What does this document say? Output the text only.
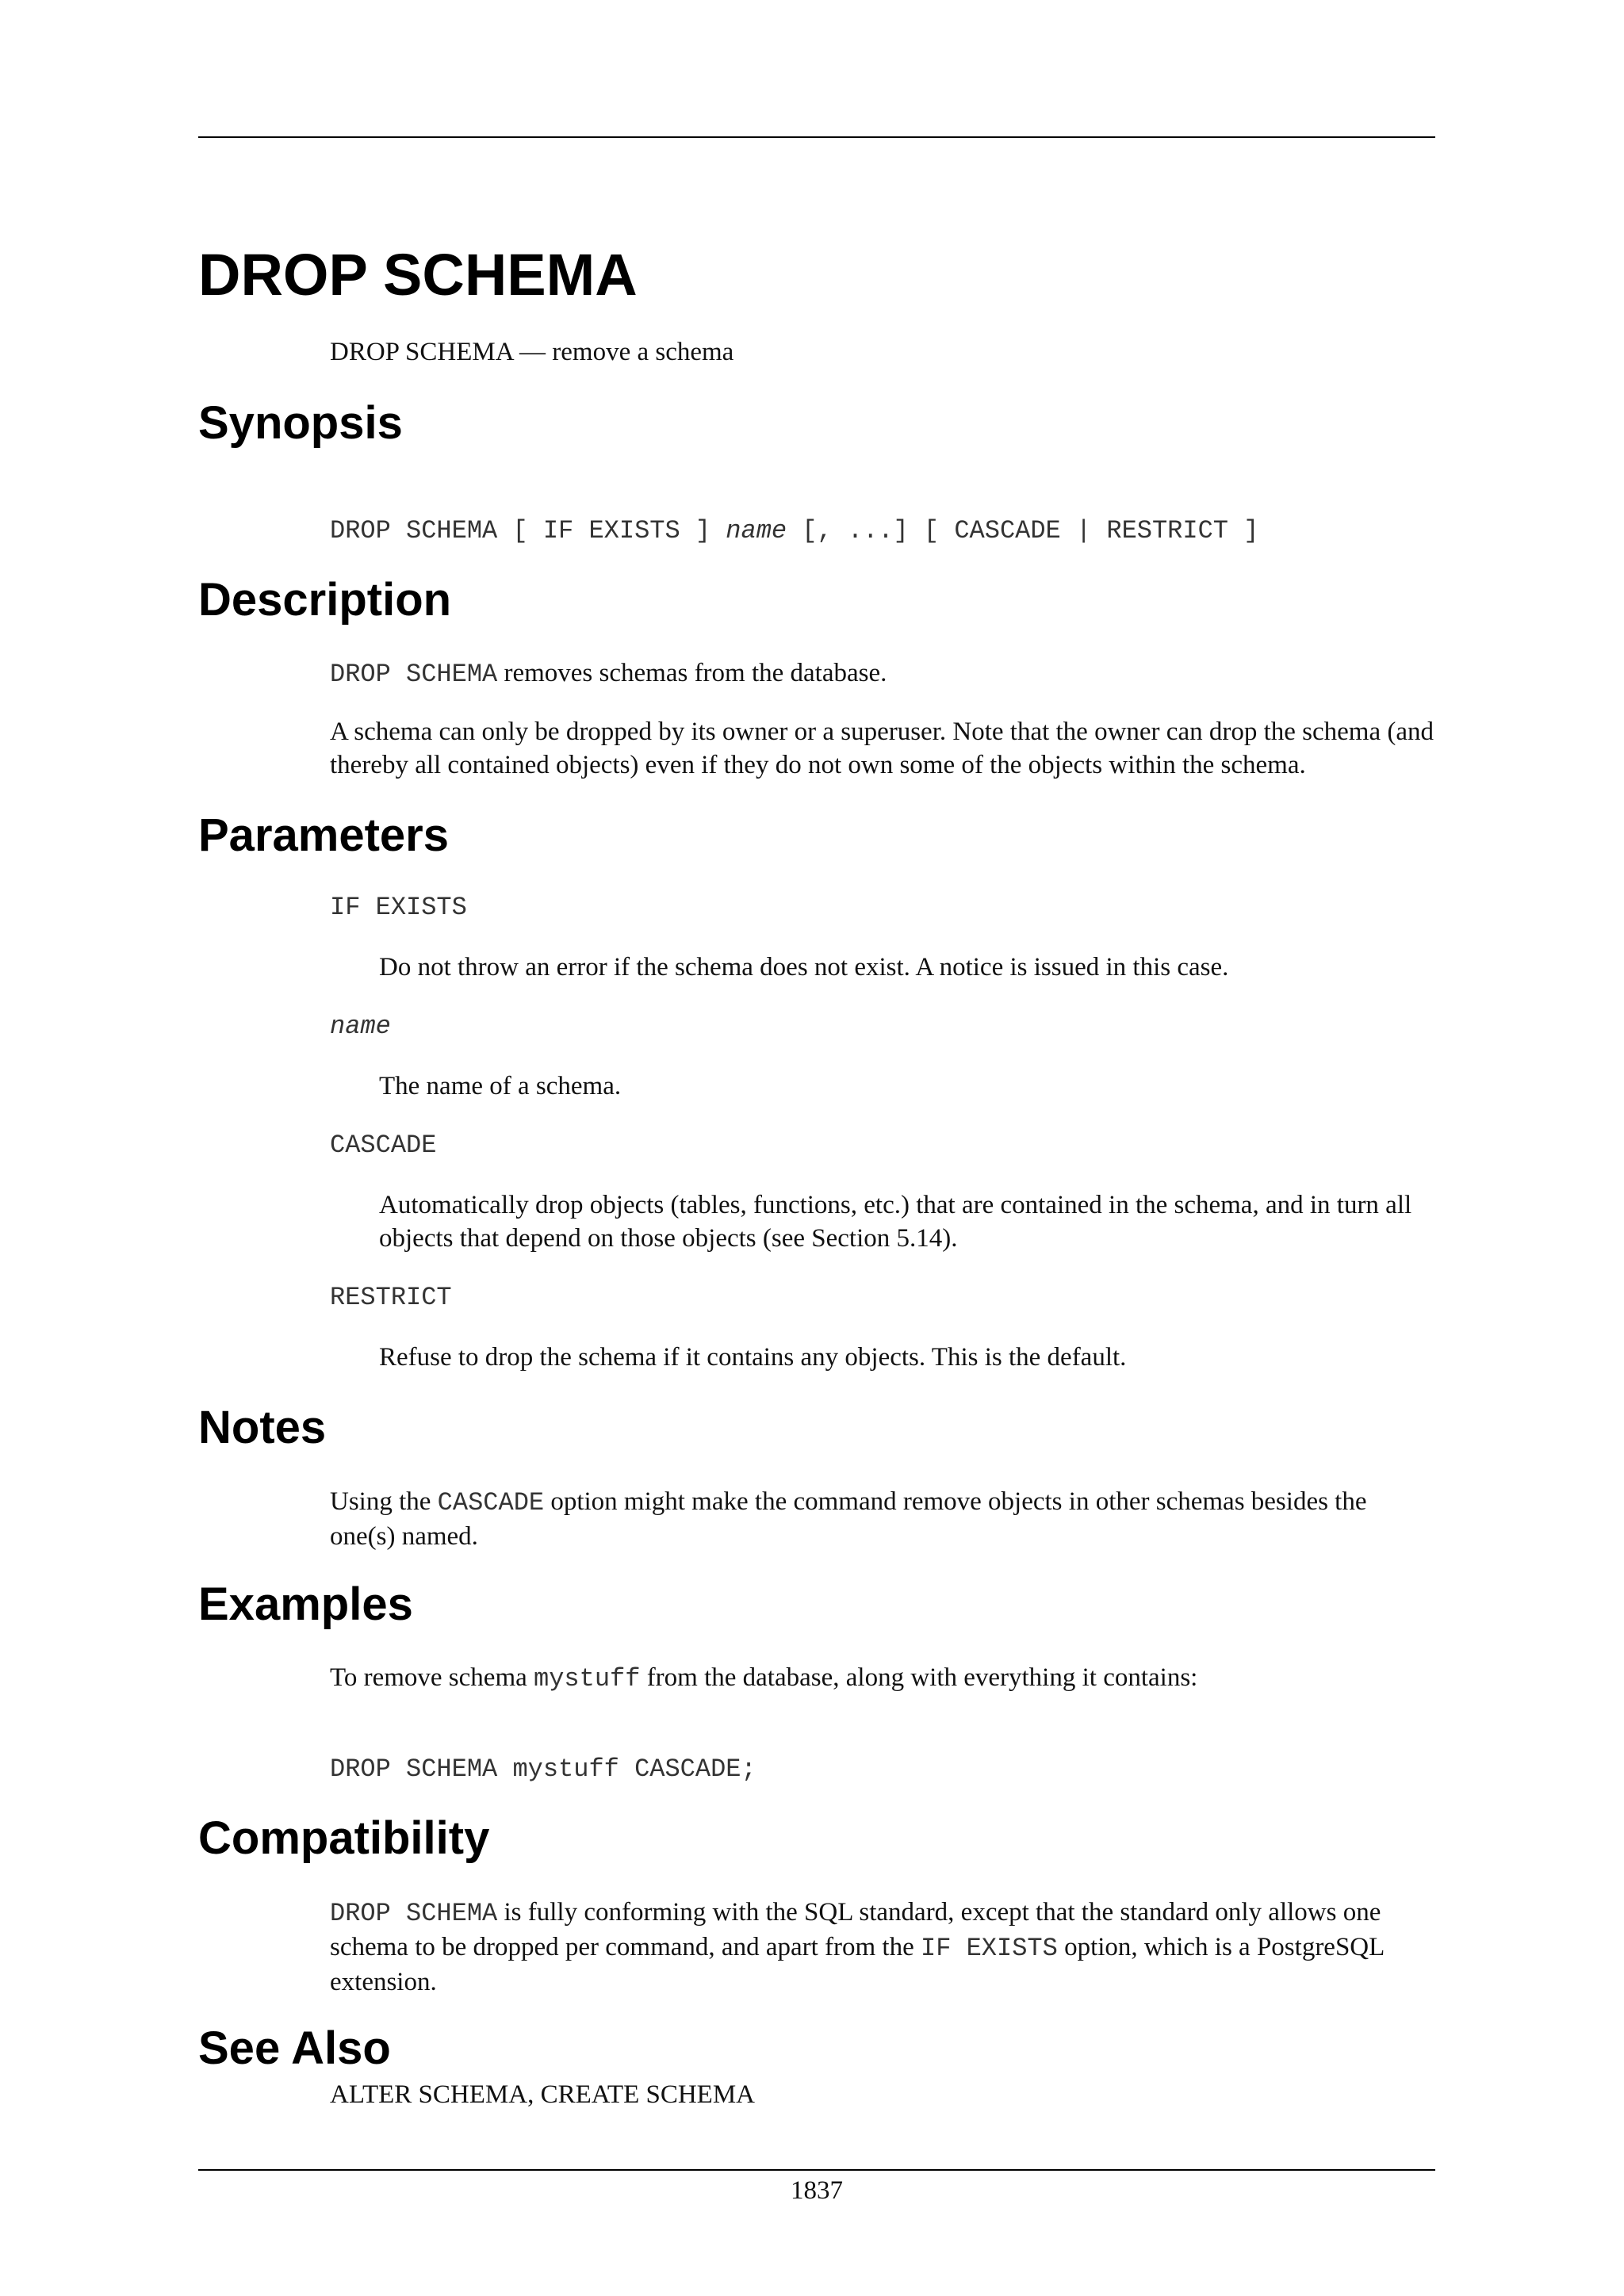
DROP SCHEMA

DROP SCHEMA — remove a schema

Synopsis
DROP SCHEMA [ IF EXISTS ] name [, ...] [ CASCADE | RESTRICT ]
Description

DROP SCHEMA removes schemas from the database.

A schema can only be dropped by its owner or a superuser. Note that the owner can drop the schema (and thereby all contained objects) even if they do not own some of the objects within the schema.

Parameters
IF EXISTS

Do not throw an error if the schema does not exist. A notice is issued in this case.

name

The name of a schema.

CASCADE

Automatically drop objects (tables, functions, etc.) that are contained in the schema, and in turn all objects that depend on those objects (see Section 5.14).

RESTRICT

Refuse to drop the schema if it contains any objects. This is the default.

Notes

Using the CASCADE option might make the command remove objects in other schemas besides the one(s) named.

Examples

To remove schema mystuff from the database, along with everything it contains:

DROP SCHEMA mystuff CASCADE;
Compatibility

DROP SCHEMA is fully conforming with the SQL standard, except that the standard only allows one schema to be dropped per command, and apart from the IF EXISTS option, which is a PostgreSQL extension.

See Also

ALTER SCHEMA, CREATE SCHEMA

1837
